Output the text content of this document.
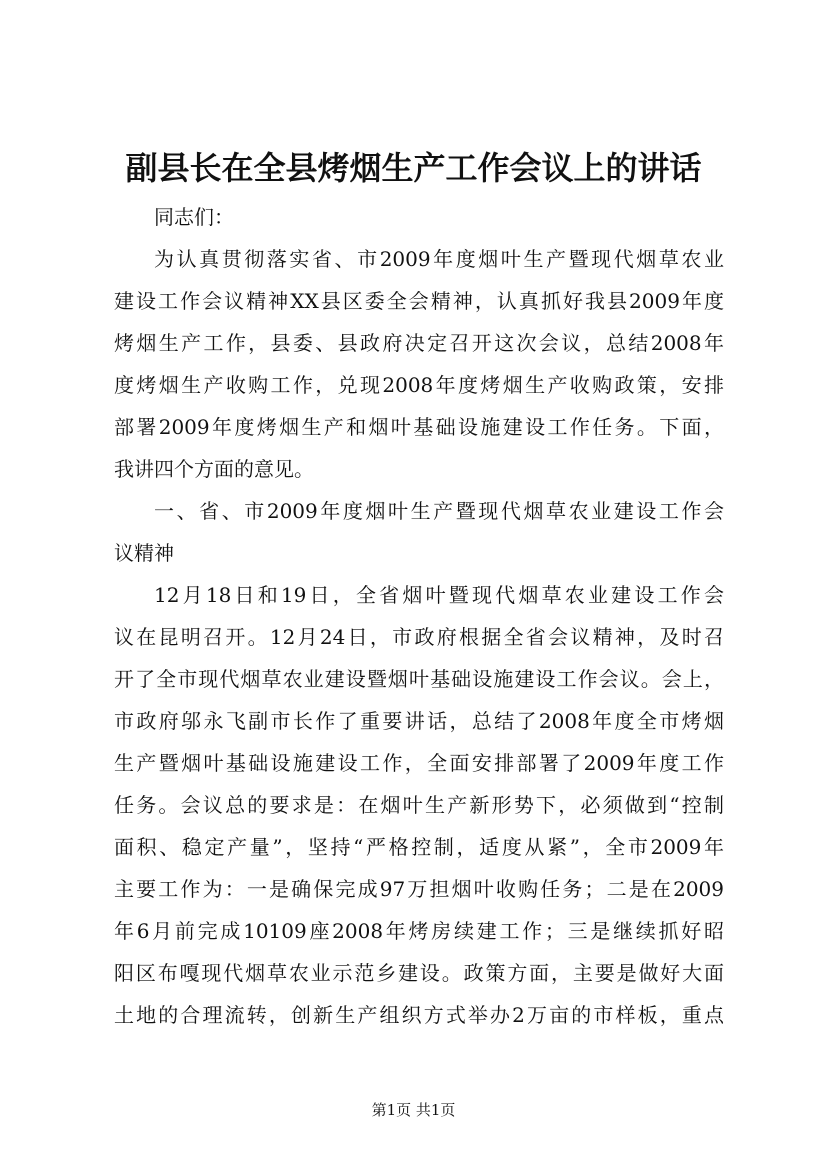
副县长在全县烤烟生产工作会议上的讲话
同志们：
为认真贯彻落实省、市2009年度烟叶生产暨现代烟草农业
建设工作会议精神XX县区委全会精神，认真抓好我县2009年度
烤烟生产工作，县委、县政府决定召开这次会议，总结2008年
度烤烟生产收购工作，兑现2008年度烤烟生产收购政策，安排
部署2009年度烤烟生产和烟叶基础设施建设工作任务。下面，
我讲四个方面的意见。
一、省、市2009年度烟叶生产暨现代烟草农业建设工作会
议精神
12月18日和19日，全省烟叶暨现代烟草农业建设工作会
议在昆明召开。12月24日，市政府根据全省会议精神，及时召
开了全市现代烟草农业建设暨烟叶基础设施建设工作会议。会上，
市政府邬永飞副市长作了重要讲话，总结了2008年度全市烤烟
生产暨烟叶基础设施建设工作，全面安排部署了2009年度工作
任务。会议总的要求是：在烟叶生产新形势下，必须做到“控制
面积、稳定产量”，坚持“严格控制，适度从紧”，全市2009年
主要工作为：一是确保完成97万担烟叶收购任务；二是在2009
年6月前完成10109座2008年烤房续建工作；三是继续抓好昭
阳区布嘎现代烟草农业示范乡建设。政策方面，主要是做好大面
土地的合理流转，创新生产组织方式举办2万亩的市样板，重点
第1页 共1页
